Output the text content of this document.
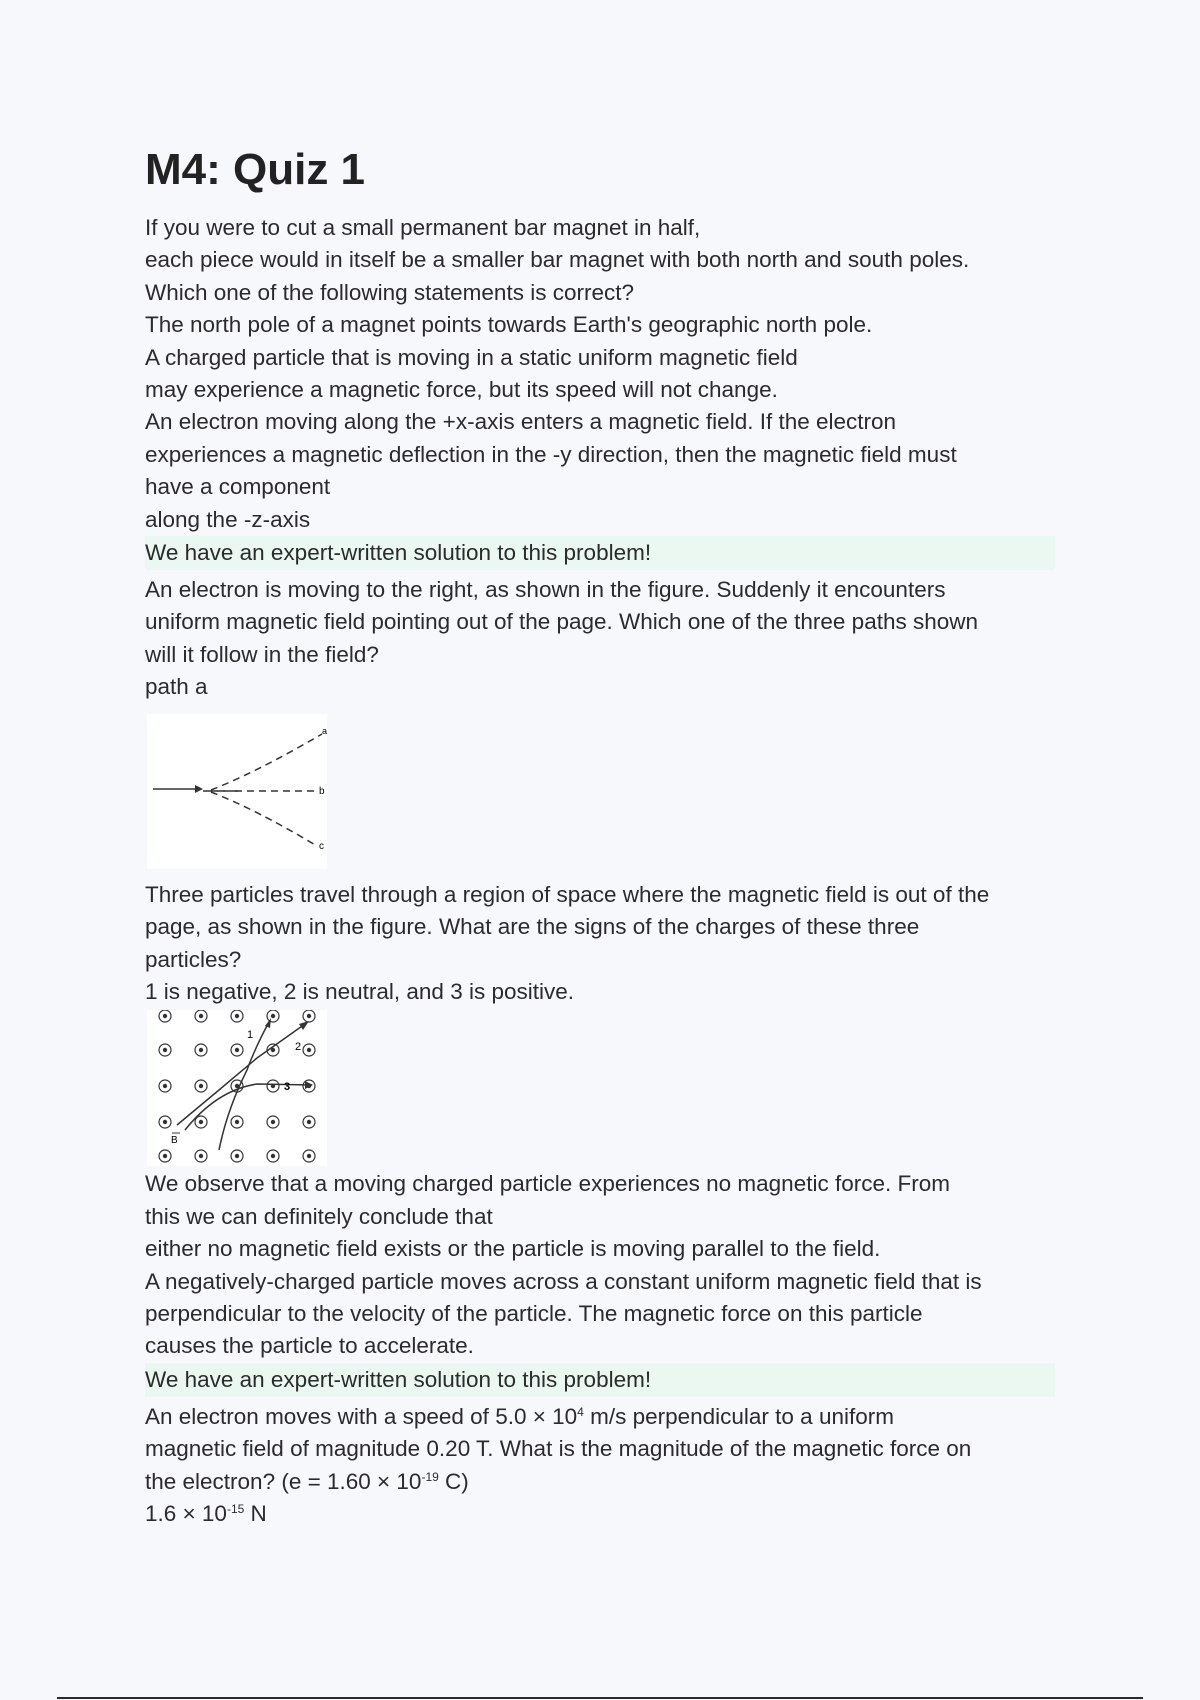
M4: Quiz 1
If you were to cut a small permanent bar magnet in half,
each piece would in itself be a smaller bar magnet with both north and south poles.
Which one of the following statements is correct?
The north pole of a magnet points towards Earth's geographic north pole.
A charged particle that is moving in a static uniform magnetic field
may experience a magnetic force, but its speed will not change.
An electron moving along the +x-axis enters a magnetic field. If the electron
experiences a magnetic deflection in the -y direction, then the magnetic field must
have a component
along the -z-axis
We have an expert-written solution to this problem!
An electron is moving to the right, as shown in the figure. Suddenly it encounters
uniform magnetic field pointing out of the page. Which one of the three paths shown
will it follow in the field?
path a
a
b
c
Three particles travel through a region of space where the magnetic field is out of the
page, as shown in the figure. What are the signs of the charges of these three
particles?
1 is negative, 2 is neutral, and 3 is positive.
1
2
3
B
We observe that a moving charged particle experiences no magnetic force. From
this we can definitely conclude that
either no magnetic field exists or the particle is moving parallel to the field.
A negatively-charged particle moves across a constant uniform magnetic field that is
perpendicular to the velocity of the particle. The magnetic force on this particle
causes the particle to accelerate.
We have an expert-written solution to this problem!
An electron moves with a speed of $5.0 \times 10^4$ m/s perpendicular to a uniform
magnetic field of magnitude 0.20 T. What is the magnitude of the magnetic force on
the electron? ($e = 1.60 \times 10^{-19}$ C)
$1.6 \times 10^{-15}$ N
